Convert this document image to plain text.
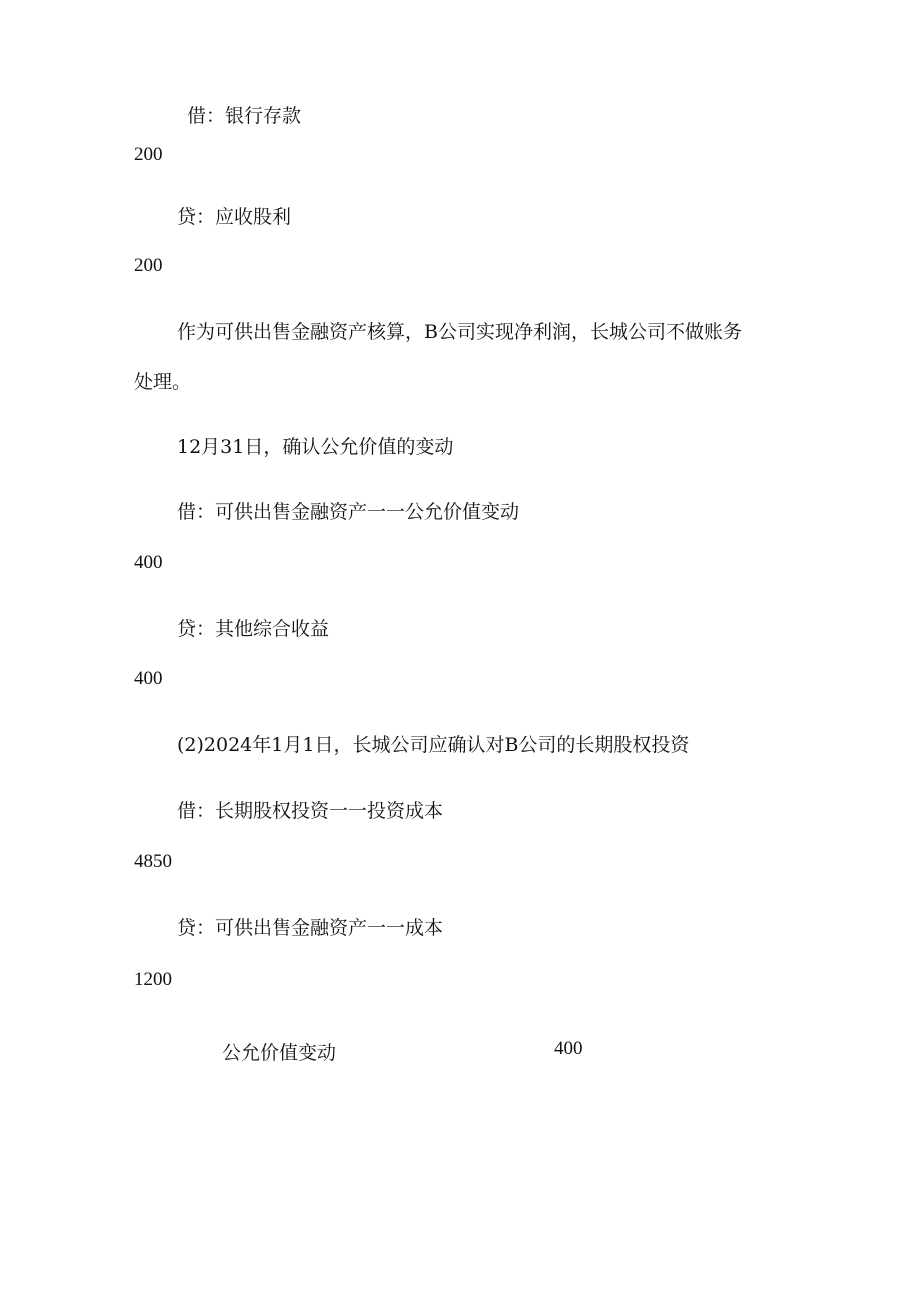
借：银行存款
200
贷：应收股利
200
作为可供出售金融资产核算，B公司实现净利润，长城公司不做账务
处理。
12月31日，确认公允价值的变动
借：可供出售金融资产一一公允价值变动
400
贷：其他综合收益
400
(2)2024年1月1日，长城公司应确认对B公司的长期股权投资
借：长期股权投资一一投资成本
4850
贷：可供出售金融资产一一成本
1200
公允价值变动	400
